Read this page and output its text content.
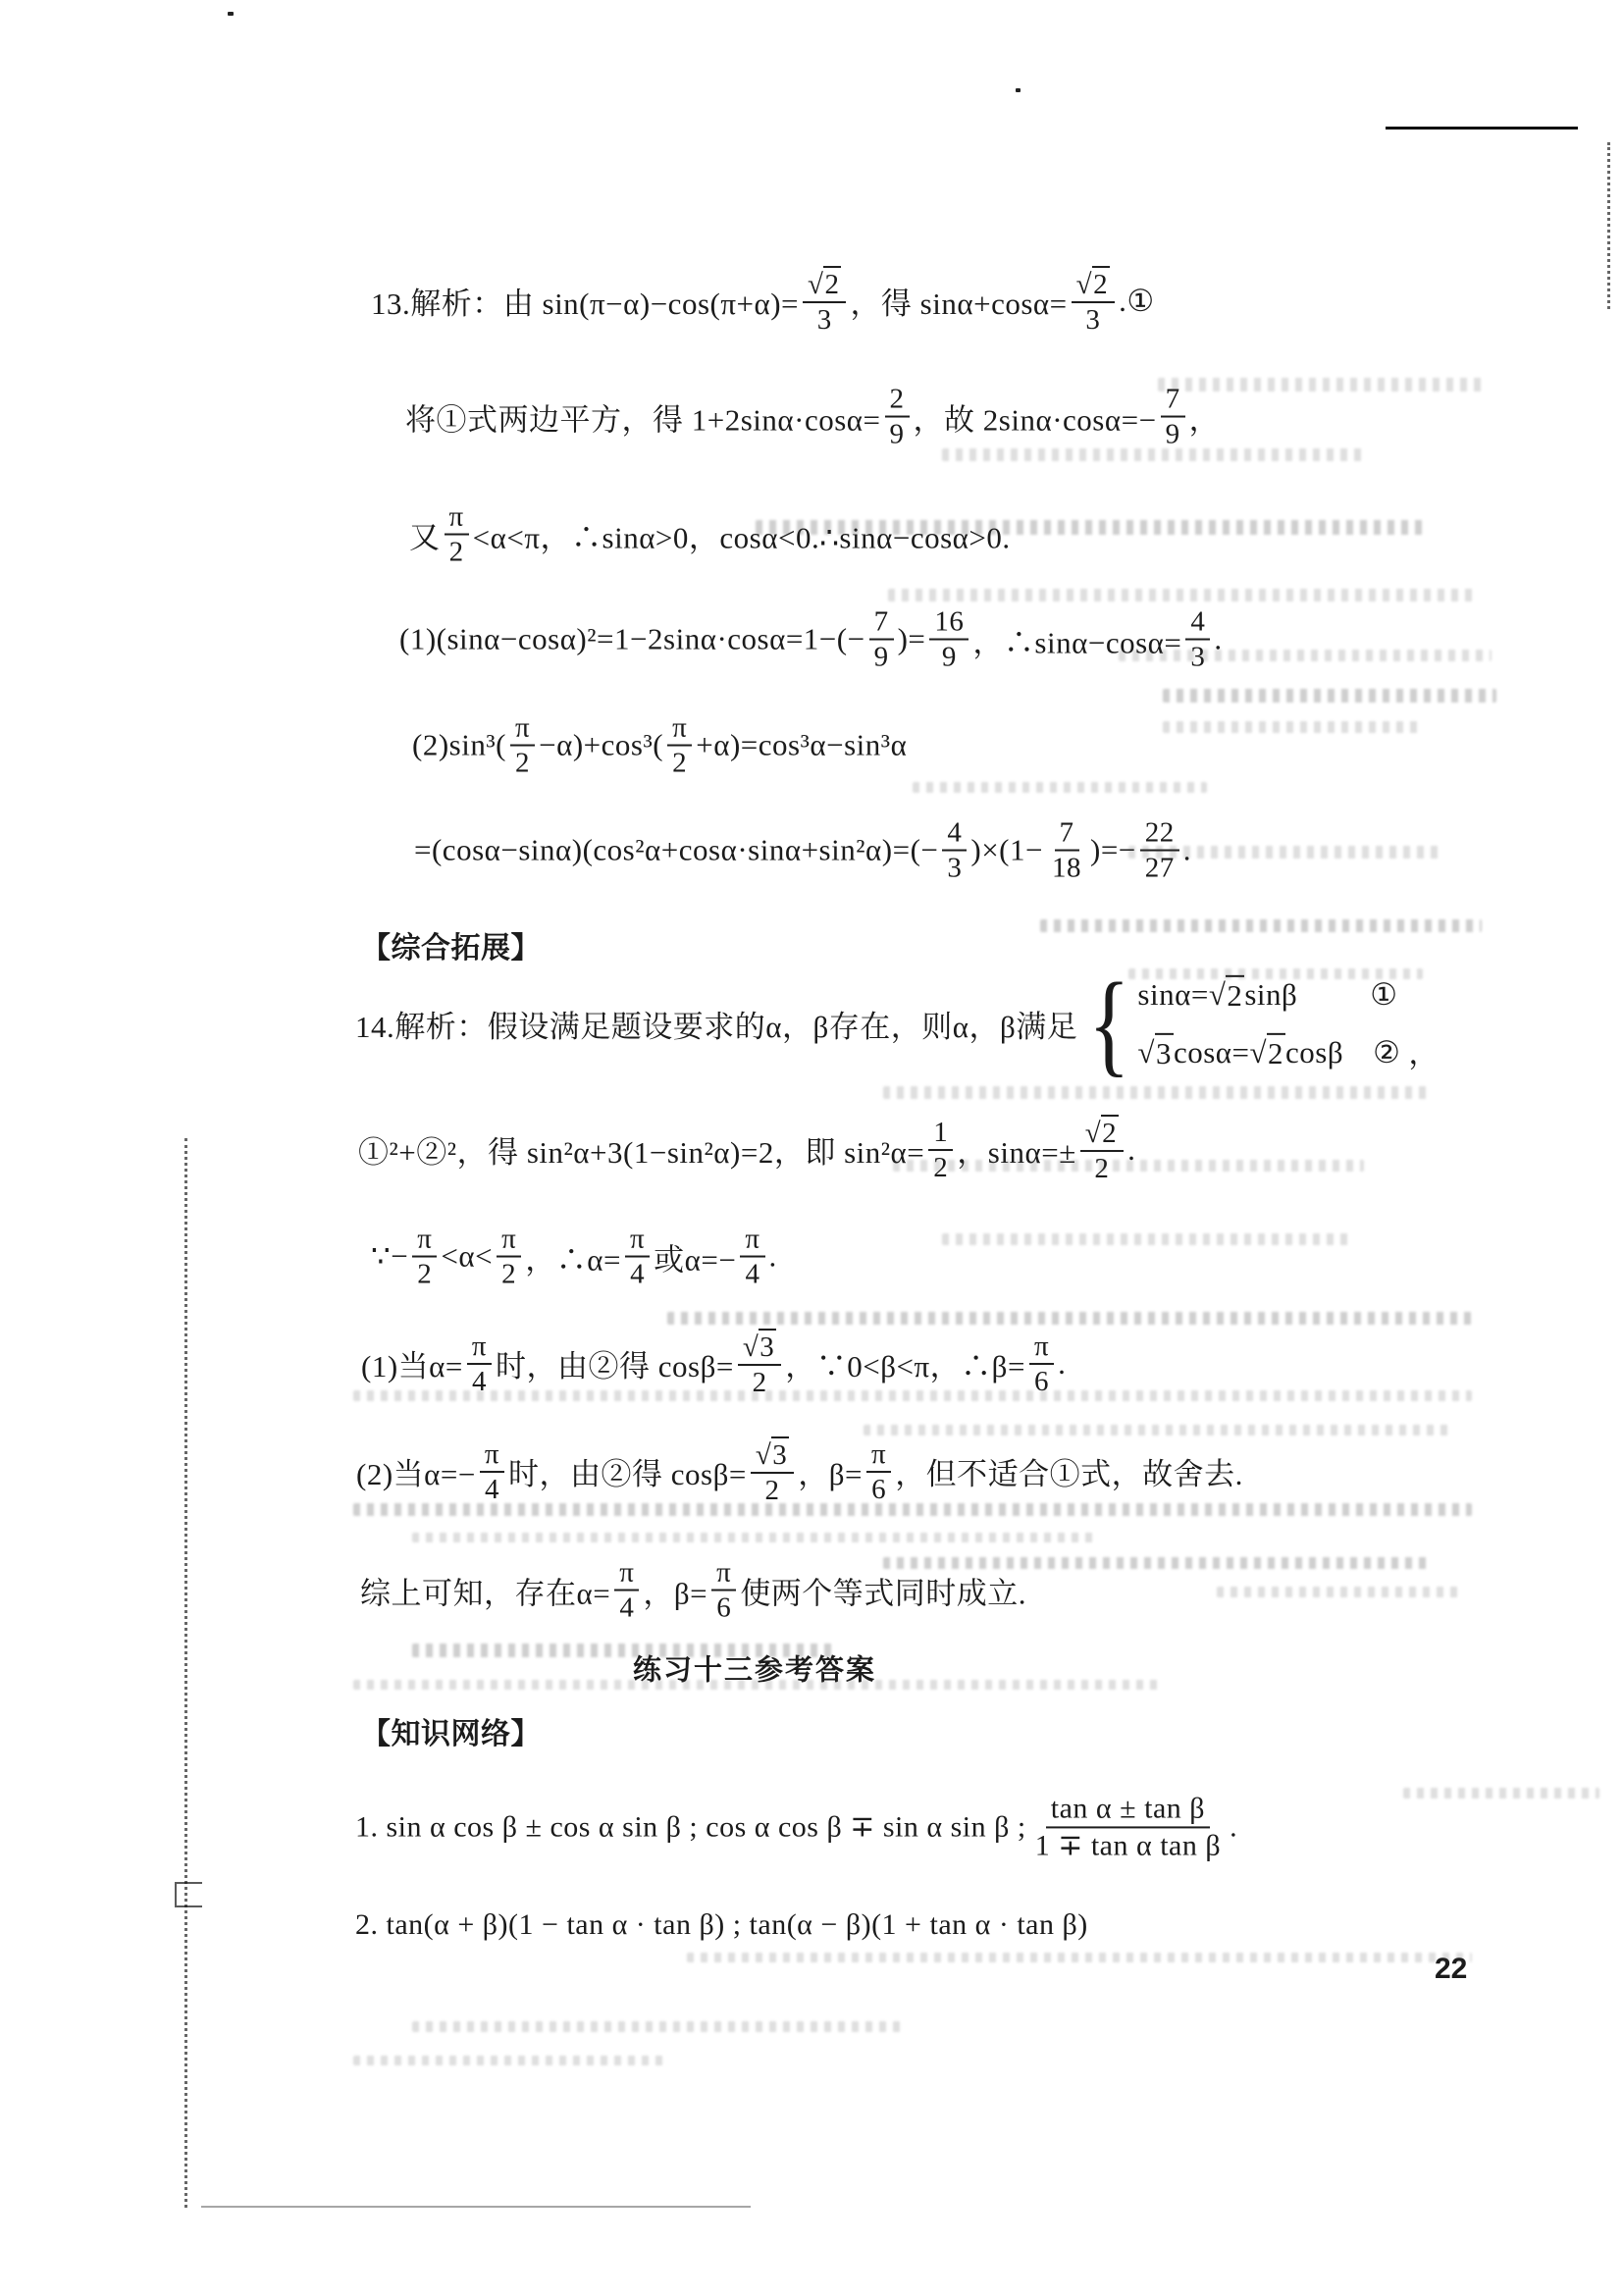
13.解析：由 $\sin(\pi-\alpha)-\cos(\pi+\alpha)= \frac{√ 2}{3}$ ，得 $\sin\alpha+\cos\alpha= \frac{√ 2}{3}$ .①
将①式两边平方，得 $1+2\sin\alpha\cdot\cos\alpha= \frac{2}{9}$ ，故 $2\sin\alpha\cdot\cos\alpha=- \frac{7}{9}$ ，
又 $\frac{\pi}{2} <\alpha<\pi$，∴sinα>0，cosα<0.∴sinα−cosα>0.
$(1)(\sin\alpha-\cos\alpha)^2=1-2\sin\alpha\cdot\cos\alpha=1-(- \frac{7}{9}$ )= $\frac{16}{9}$ ，∴sinα−cosα= $\frac{4}{3}$ .
$(2)\sin^3( \frac{\pi}{2} -\alpha)+\cos^3( \frac{\pi}{2} +\alpha)=\cos^3\alpha-\sin^3\alpha$
$=(\cos\alpha-\sin\alpha)(\cos^2\alpha+\cos\alpha\cdot\sin\alpha+\sin^2\alpha)=(- \frac{4}{3} )\times(1- \frac{7}{18}$ )=− $\frac{22}{27}$ .
【综合拓展】
14.解析：假设满足题设要求的α，β存在，则α，β满足 { sinα= √ 2 sinβ ①
√ 3 cosα= √ 2 cosβ ② ，
①²+②²，得 sin²α+3(1−sin²α)=2，即 $\sin^2\alpha= \frac{1}{2}$ ，$\sin\alpha=\pm \frac{√ 2}{2}$ .
∵− $\frac{\pi}{2} <\alpha< \frac{\pi}{2}$ ，∴α= $\frac{\pi}{4}$ 或$\alpha=- \frac{\pi}{4}$ .
(1)当$\alpha= \frac{\pi}{4}$ 时，由②得 $\cos\beta= \frac{√ 3}{2}$ ，∵0<β<π，∴β= $\frac{\pi}{6}$ .
(2)当$\alpha=- \frac{\pi}{4}$ 时，由②得 $\cos\beta= \frac{√ 3}{2}$ ，$\beta= \frac{\pi}{6}$ ，但不适合①式，故舍去.
综上可知，存在$\alpha= \frac{\pi}{4}$ ，$\beta= \frac{\pi}{6}$ 使两个等式同时成立.
练习十三参考答案
【知识网络】
1. sin α cos β ± cos α sin β ; cos α cos β ∓ sin α sin β ; $\frac{\text{tan α ± tan β}}{\text{1 ∓ tan α tan β}}$ .
2. tan(α + β)(1 − tan α · tan β) ; tan(α − β)(1 + tan α · tan β)
22
